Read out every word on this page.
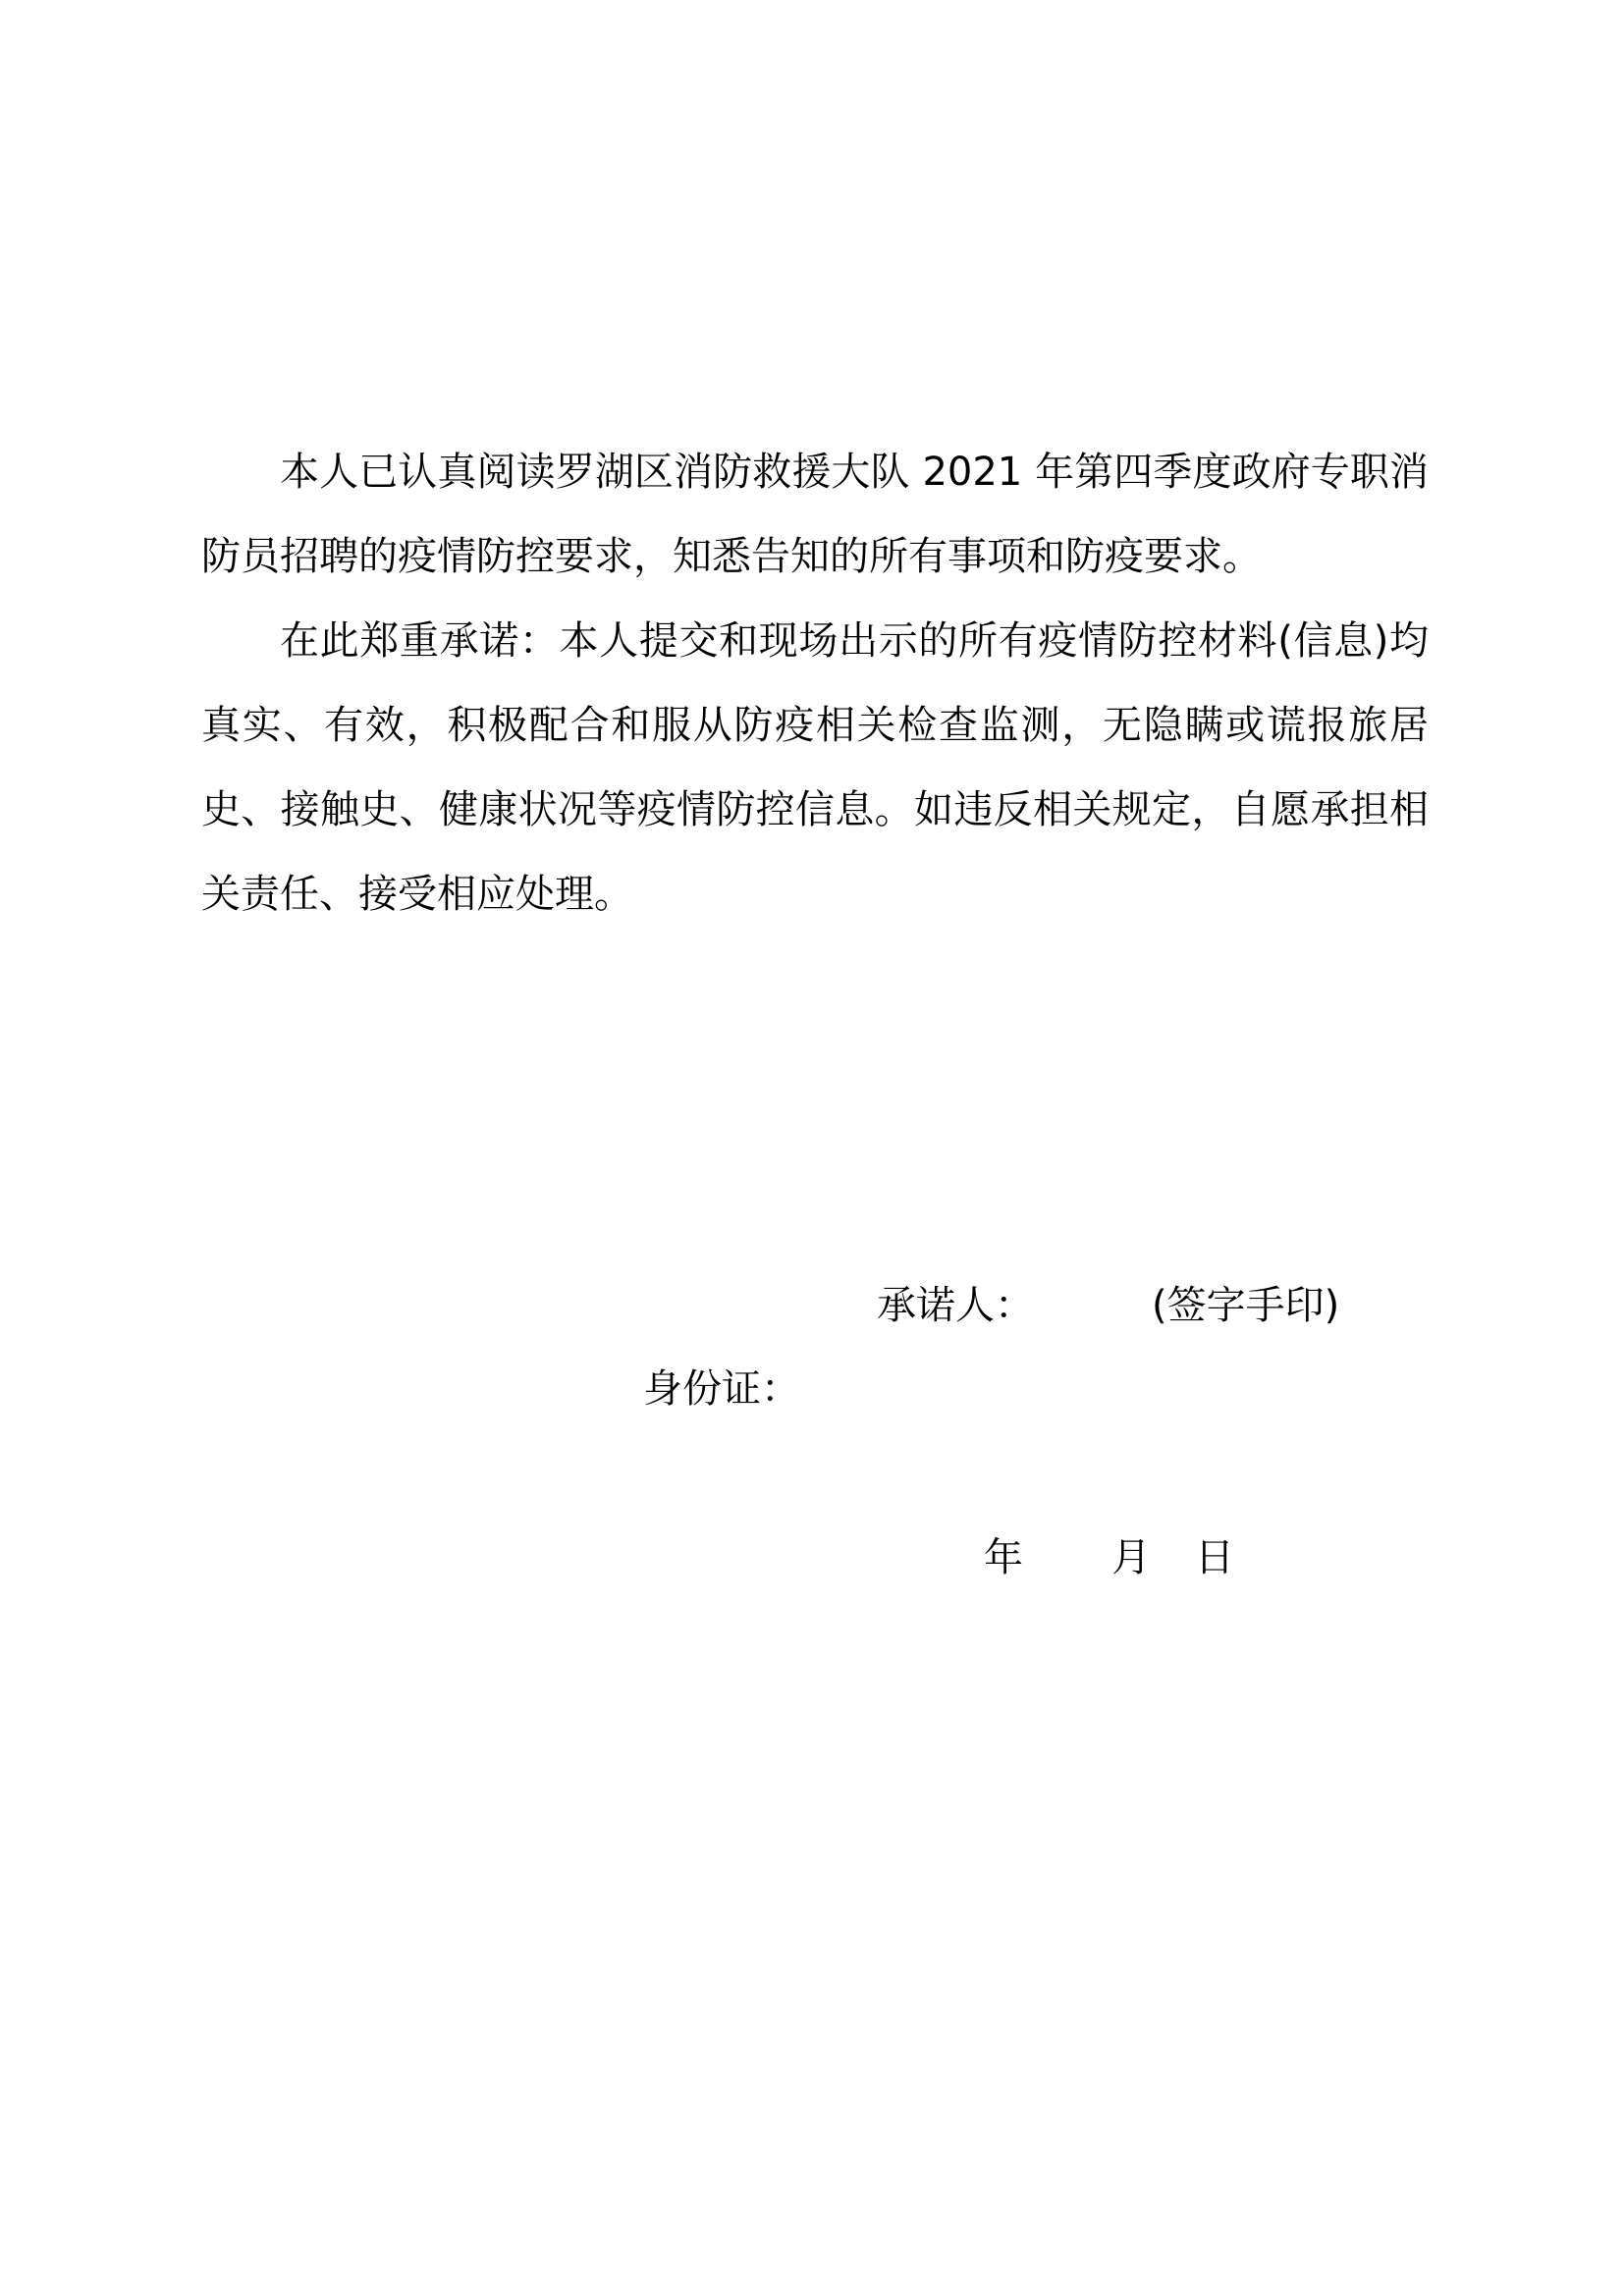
本人已认真阅读罗湖区消防救援大队 2021 年第四季度政府专职消防员招聘的疫情防控要求，知悉告知的所有事项和防疫要求。

在此郑重承诺：本人提交和现场出示的所有疫情防控材料(信息)均真实、有效，积极配合和服从防疫相关检查监测，无隐瞒或谎报旅居史、接触史、健康状况等疫情防控信息。如违反相关规定，自愿承担相关责任、接受相应处理。

承诺人：	(签字手印)
身份证：
年 月 日
